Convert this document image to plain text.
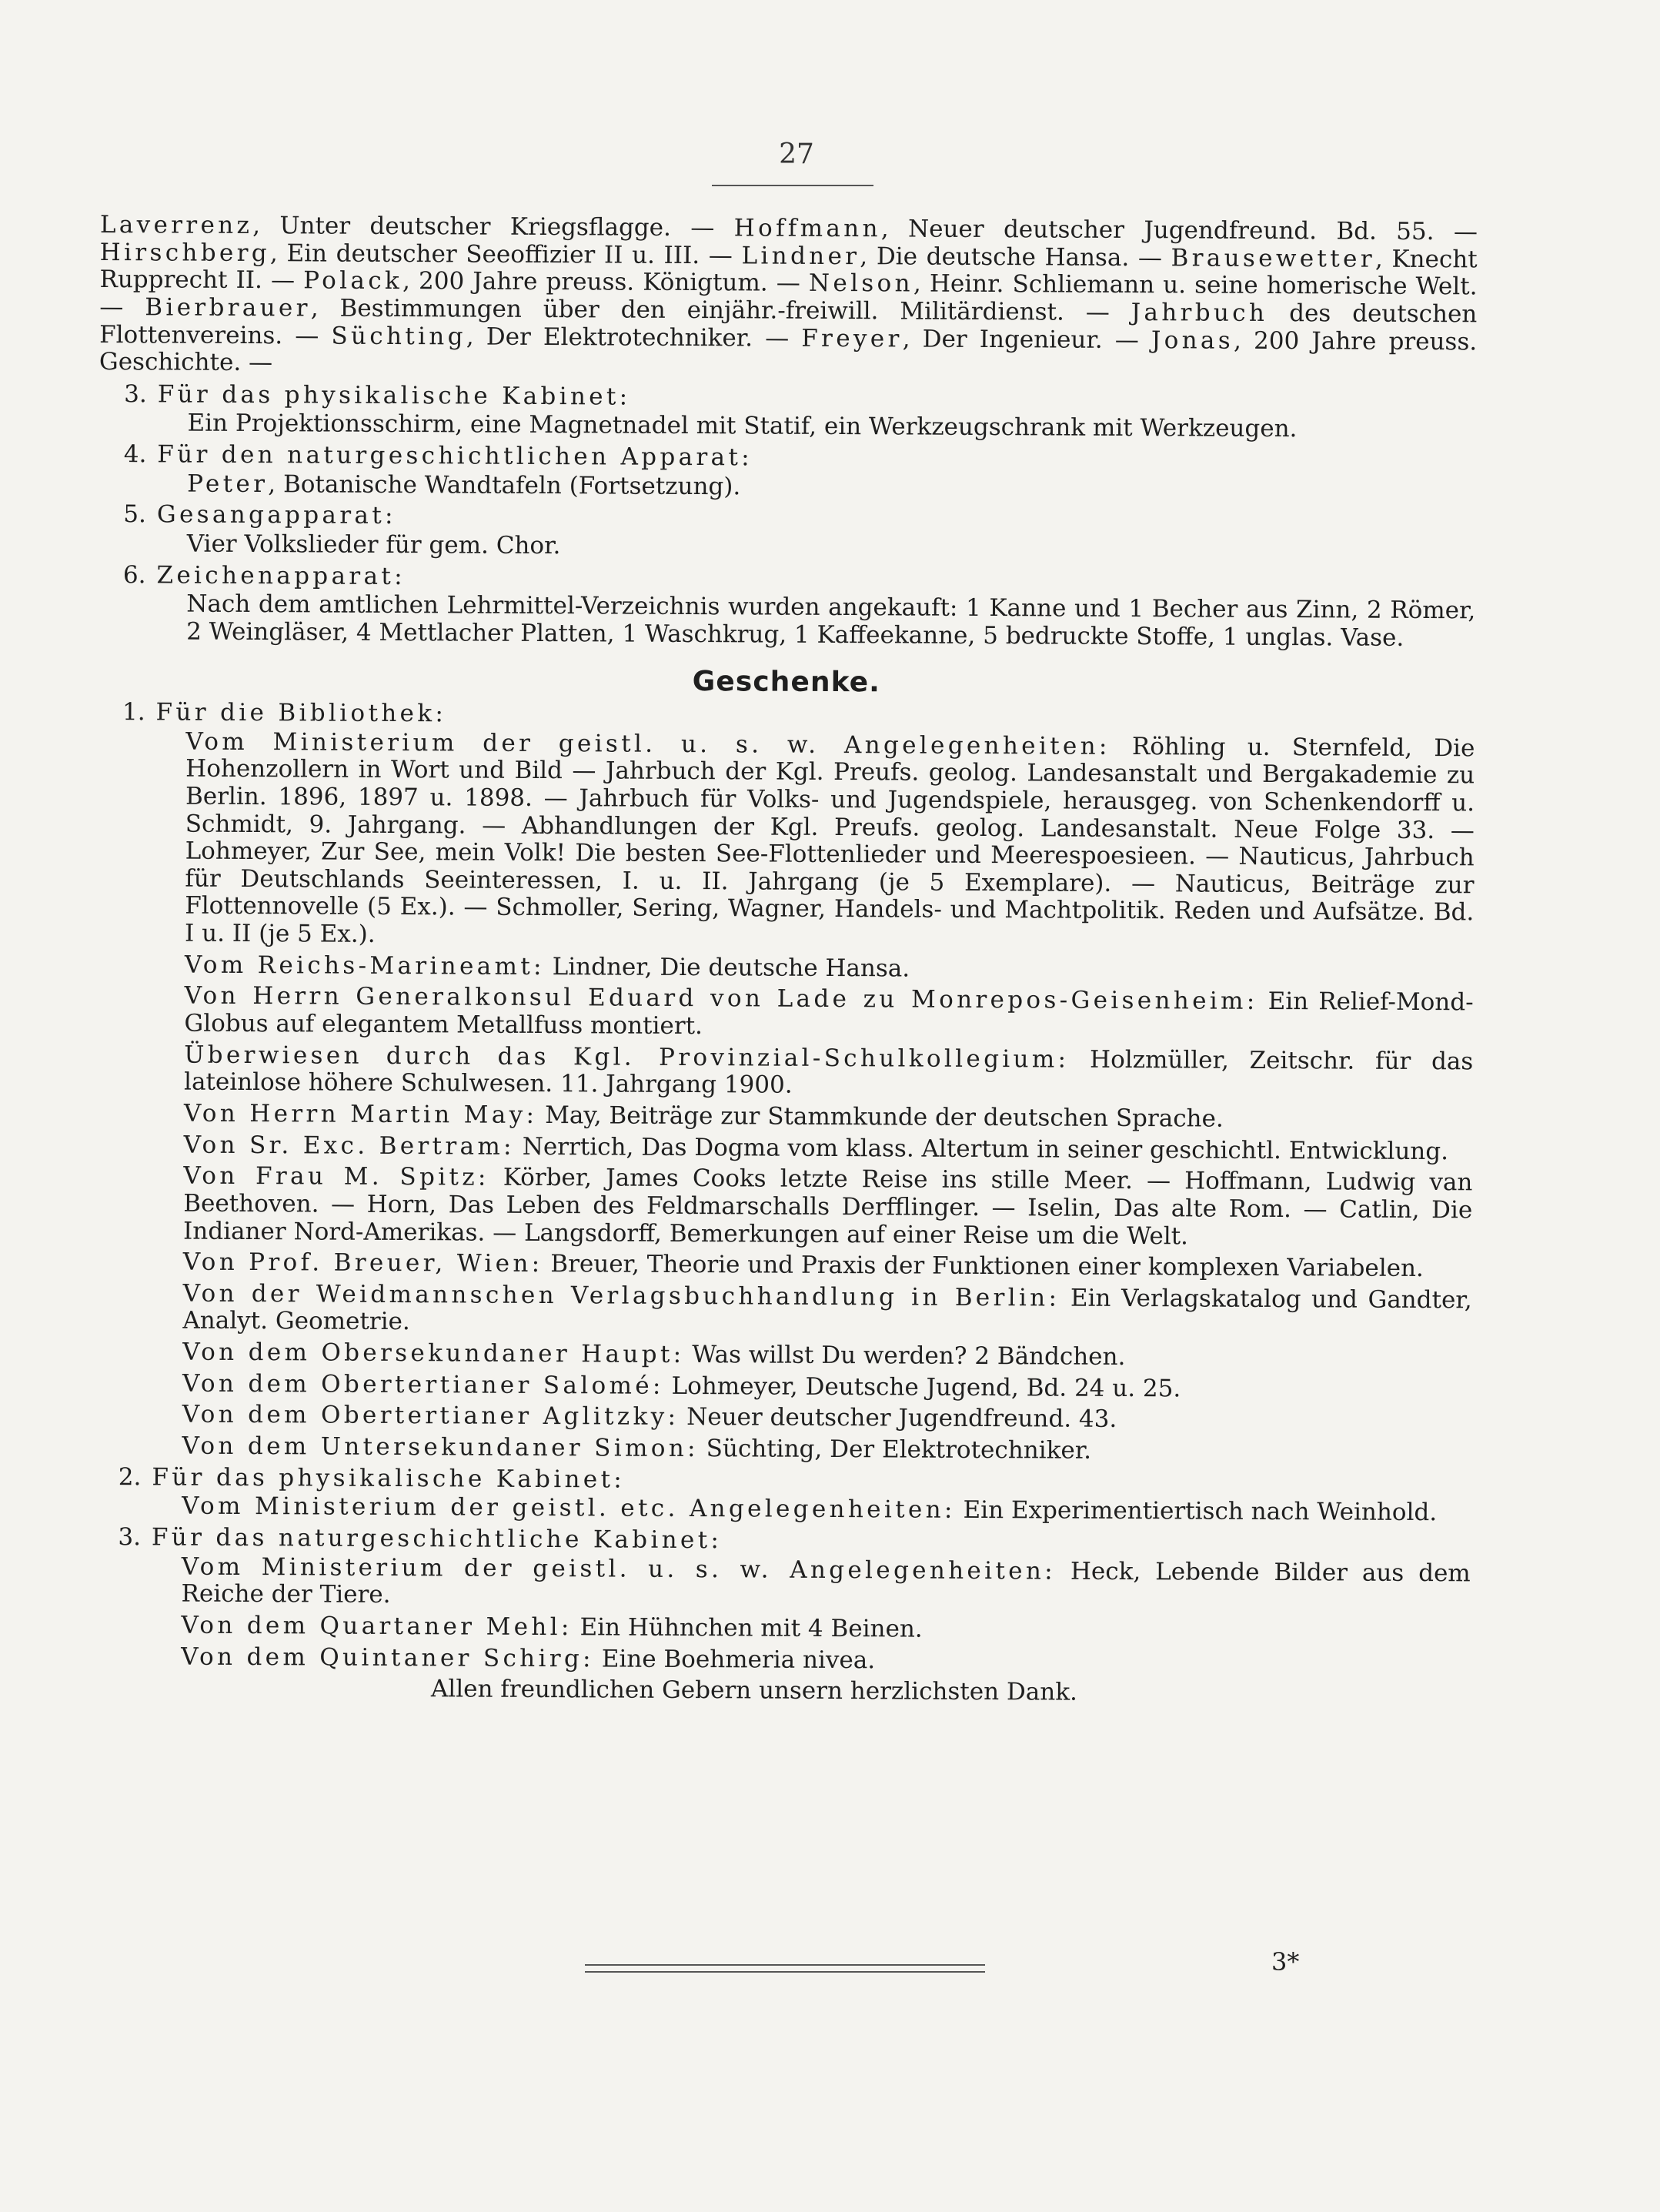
27

Laverrenz, Unter deutscher Kriegsflagge. — Hoffmann, Neuer deutscher Jugendfreund. Bd. 55. — Hirschberg, Ein deutscher Seeoffizier II u. III. — Lindner, Die deutsche Hansa. — Brausewetter, Knecht Rupprecht II. — Polack, 200 Jahre preuss. Königtum. — Nelson, Heinr. Schliemann u. seine homerische Welt. — Bierbrauer, Bestimmungen über den einjähr.-freiwill. Militärdienst. — Jahrbuch des deutschen Flottenvereins. — Süchting, Der Elektrotechniker. — Freyer, Der Ingenieur. — Jonas, 200 Jahre preuss. Geschichte. —

3. Für das physikalische Kabinet:

Ein Projektionsschirm, eine Magnetnadel mit Statif, ein Werkzeugschrank mit Werkzeugen.

4. Für den naturgeschichtlichen Apparat:

Peter, Botanische Wandtafeln (Fortsetzung).

5. Gesangapparat:

Vier Volkslieder für gem. Chor.

6. Zeichenapparat:

Nach dem amtlichen Lehrmittel-Verzeichnis wurden angekauft: 1 Kanne und 1 Becher aus Zinn, 2 Römer, 2 Weingläser, 4 Mettlacher Platten, 1 Waschkrug, 1 Kaffeekanne, 5 bedruckte Stoffe, 1 unglas. Vase.

Geschenke.
1. Für die Bibliothek:

Vom Ministerium der geistl. u. s. w. Angelegenheiten: Röhling u. Sternfeld, Die Hohenzollern in Wort und Bild — Jahrbuch der Kgl. Preufs. geolog. Landesanstalt und Bergakademie zu Berlin. 1896, 1897 u. 1898. — Jahrbuch für Volks- und Jugendspiele, herausgeg. von Schenkendorff u. Schmidt, 9. Jahrgang. — Abhandlungen der Kgl. Preufs. geolog. Landesanstalt. Neue Folge 33. — Lohmeyer, Zur See, mein Volk! Die besten See-Flottenlieder und Meerespoesieen. — Nauticus, Jahrbuch für Deutschlands Seeinteressen, I. u. II. Jahrgang (je 5 Exemplare). — Nauticus, Beiträge zur Flottennovelle (5 Ex.). — Schmoller, Sering, Wagner, Handels- und Machtpolitik. Reden und Aufsätze. Bd. I u. II (je 5 Ex.).

Vom Reichs-Marineamt: Lindner, Die deutsche Hansa.

Von Herrn Generalkonsul Eduard von Lade zu Monrepos-Geisenheim: Ein Relief-Mond-Globus auf elegantem Metallfuss montiert.

Überwiesen durch das Kgl. Provinzial-Schulkollegium: Holzmüller, Zeitschr. für das lateinlose höhere Schulwesen. 11. Jahrgang 1900.

Von Herrn Martin May: May, Beiträge zur Stammkunde der deutschen Sprache.

Von Sr. Exc. Bertram: Nerrtich, Das Dogma vom klass. Altertum in seiner geschichtl. Entwicklung.

Von Frau M. Spitz: Körber, James Cooks letzte Reise ins stille Meer. — Hoffmann, Ludwig van Beethoven. — Horn, Das Leben des Feldmarschalls Derfflinger. — Iselin, Das alte Rom. — Catlin, Die Indianer Nord-Amerikas. — Langsdorff, Bemerkungen auf einer Reise um die Welt.

Von Prof. Breuer, Wien: Breuer, Theorie und Praxis der Funktionen einer komplexen Variabelen.

Von der Weidmannschen Verlagsbuchhandlung in Berlin: Ein Verlagskatalog und Gandter, Analyt. Geometrie.

Von dem Obersekundaner Haupt: Was willst Du werden? 2 Bändchen.

Von dem Obertertianer Salomé: Lohmeyer, Deutsche Jugend, Bd. 24 u. 25.

Von dem Obertertianer Aglitzky: Neuer deutscher Jugendfreund. 43.

Von dem Untersekundaner Simon: Süchting, Der Elektrotechniker.

2. Für das physikalische Kabinet:

Vom Ministerium der geistl. etc. Angelegenheiten: Ein Experimentiertisch nach Weinhold.

3. Für das naturgeschichtliche Kabinet:

Vom Ministerium der geistl. u. s. w. Angelegenheiten: Heck, Lebende Bilder aus dem Reiche der Tiere.

Von dem Quartaner Mehl: Ein Hühnchen mit 4 Beinen.

Von dem Quintaner Schirg: Eine Boehmeria nivea.

Allen freundlichen Gebern unsern herzlichsten Dank.

3*
